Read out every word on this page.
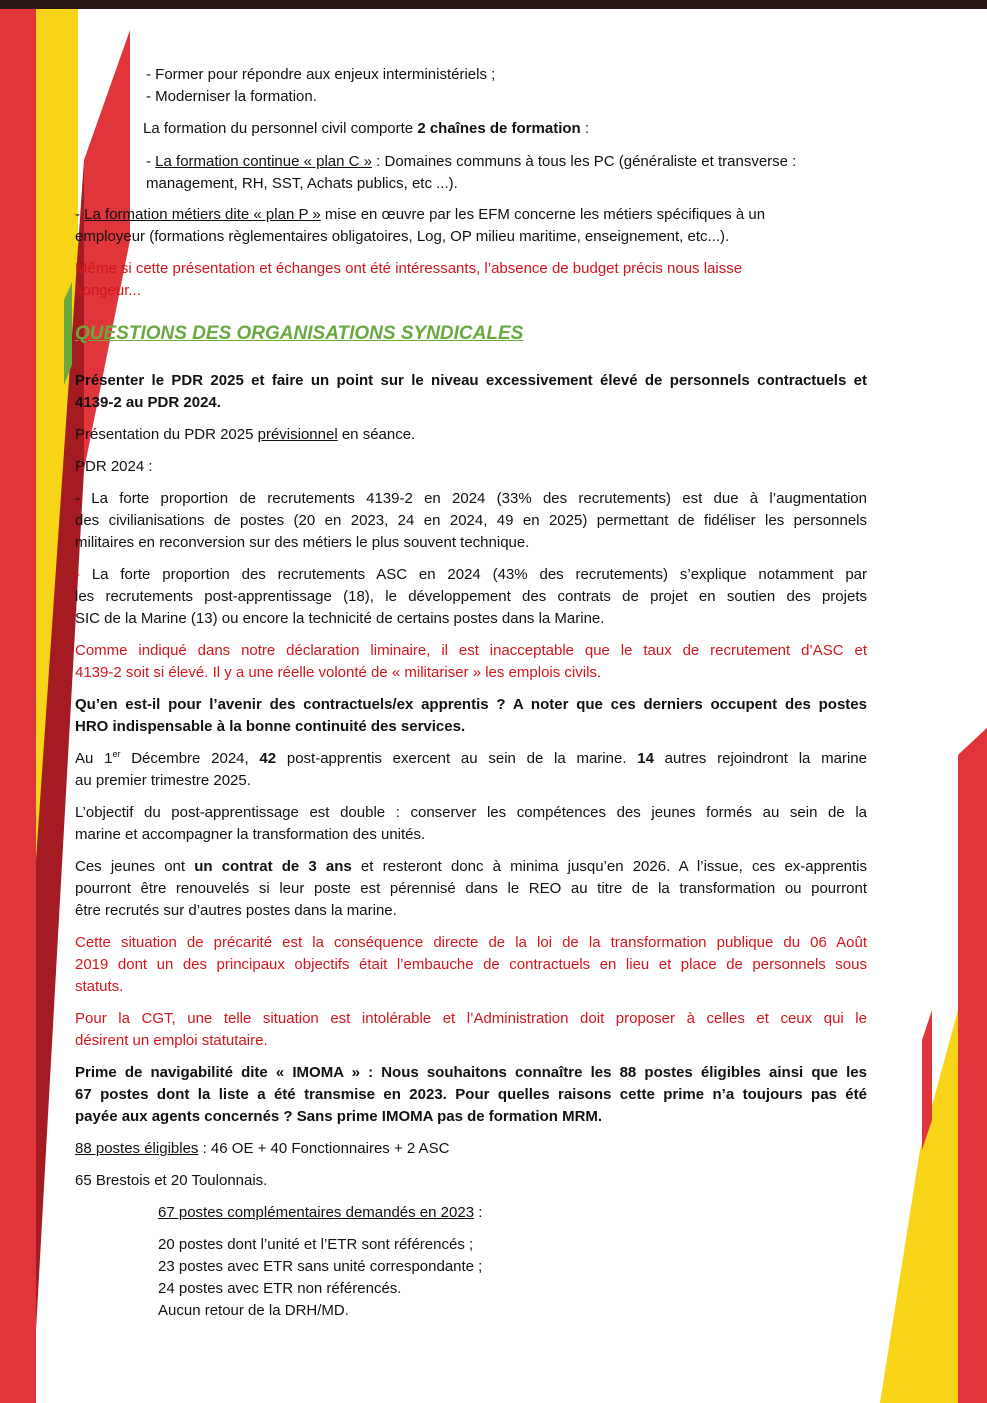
- Former pour répondre aux enjeux interministériels ;

- Moderniser la formation.

La formation du personnel civil comporte 2 chaînes de formation :

- La formation continue « plan C » : Domaines communs à tous les PC (généraliste et transverse :

management, RH, SST, Achats publics, etc ...).

- La formation métiers dite « plan P » mise en œuvre par les EFM concerne les métiers spécifiques à un

employeur (formations règlementaires obligatoires, Log, OP milieu maritime, enseignement, etc...).

Même si cette présentation et échanges ont été intéressants, l’absence de budget précis nous laisse

songeur...

QUESTIONS DES ORGANISATIONS SYNDICALES

Présenter le PDR 2025 et faire un point sur le niveau excessivement élevé de personnels contractuels et

4139-2 au PDR 2024.

Présentation du PDR 2025 prévisionnel en séance.

PDR 2024 :

- La forte proportion de recrutements 4139-2 en 2024 (33% des recrutements) est due à l’augmentation

des civilianisations de postes (20 en 2023, 24 en 2024, 49 en 2025) permettant de fidéliser les personnels

militaires en reconversion sur des métiers le plus souvent technique.

- La forte proportion des recrutements ASC en 2024 (43% des recrutements) s’explique notamment par

les recrutements post-apprentissage (18), le développement des contrats de projet en soutien des projets

SIC de la Marine (13) ou encore la technicité de certains postes dans la Marine.

Comme indiqué dans notre déclaration liminaire, il est inacceptable que le taux de recrutement d’ASC et

4139-2 soit si élevé. Il y a une réelle volonté de « militariser » les emplois civils.

Qu’en est-il pour l’avenir des contractuels/ex apprentis ? A noter que ces derniers occupent des postes

HRO indispensable à la bonne continuité des services.

Au 1er Décembre 2024, 42 post-apprentis exercent au sein de la marine. 14 autres rejoindront la marine

au premier trimestre 2025.

L’objectif du post-apprentissage est double : conserver les compétences des jeunes formés au sein de la

marine et accompagner la transformation des unités.

Ces jeunes ont un contrat de 3 ans et resteront donc à minima jusqu’en 2026. A l’issue, ces ex-apprentis

pourront être renouvelés si leur poste est pérennisé dans le REO au titre de la transformation ou pourront

être recrutés sur d’autres postes dans la marine.

Cette situation de précarité est la conséquence directe de la loi de la transformation publique du 06 Août

2019 dont un des principaux objectifs était l’embauche de contractuels en lieu et place de personnels sous

statuts.

Pour la CGT, une telle situation est intolérable et l’Administration doit proposer à celles et ceux qui le

désirent un emploi statutaire.

Prime de navigabilité dite « IMOMA » : Nous souhaitons connaître les 88 postes éligibles ainsi que les

67 postes dont la liste a été transmise en 2023. Pour quelles raisons cette prime n’a toujours pas été

payée aux agents concernés ? Sans prime IMOMA pas de formation MRM.

88 postes éligibles : 46 OE + 40 Fonctionnaires + 2 ASC

65 Brestois et 20 Toulonnais.

67 postes complémentaires demandés en 2023 :

20 postes dont l’unité et l’ETR sont référencés ;

23 postes avec ETR sans unité correspondante ;

24 postes avec ETR non référencés.

Aucun retour de la DRH/MD.
